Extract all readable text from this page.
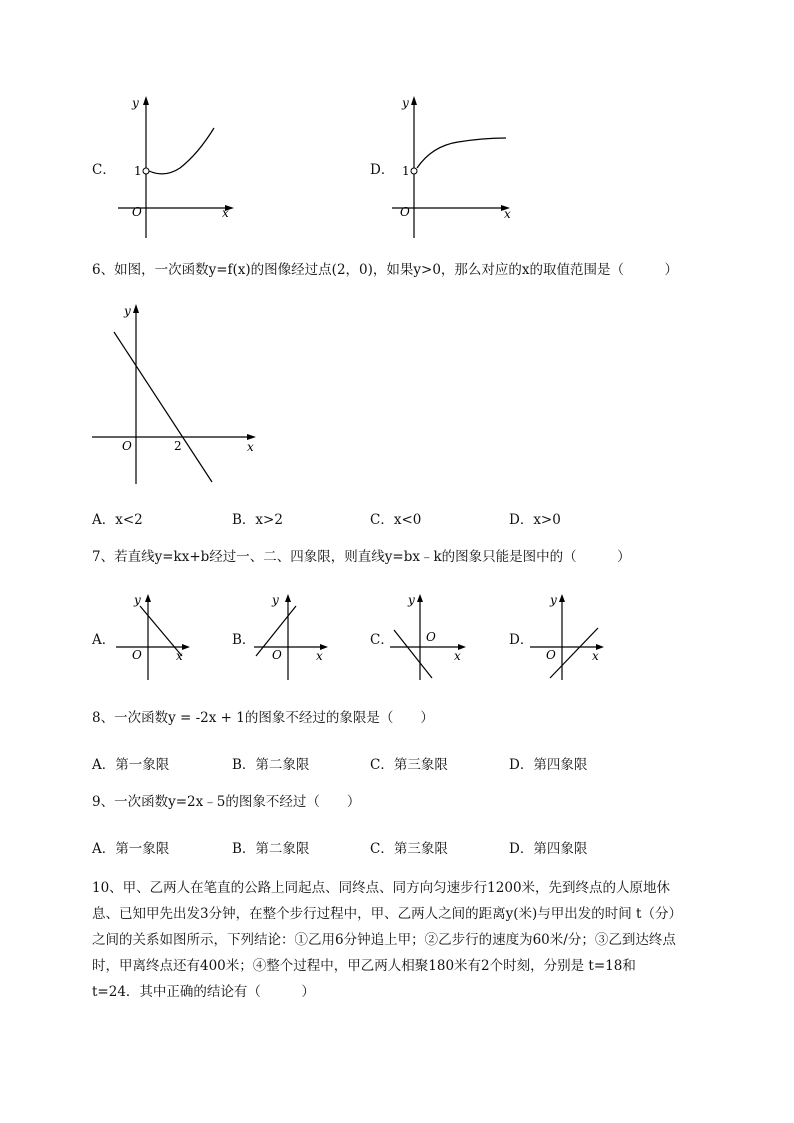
C．
y
x
O
1	D．
y
x
O
1
6、如图，一次函数y=f(x)的图像经过点(2，0)，如果y>0，那么对应的x的取值范围是（　　　）
y
x
O	2
A．x<2	B．x>2	C．x<0	D．x>0
7、若直线y=kx+b经过一、二、四象限，则直线y=bx﹣k的图象只能是图中的（　　　）
A．
y
x
O
B．
y
x
O
C．
y
x
O	D．
y
x
O
8、一次函数y = -2x + 1的图象不经过的象限是（　　）
A．第一象限	B．第二象限	C．第三象限	D．第四象限
9、一次函数y=2x﹣5的图象不经过（　　）
A．第一象限	B．第二象限	C．第三象限	D．第四象限
10、甲、乙两人在笔直的公路上同起点、同终点、同方向匀速步行1200米，先到终点的人原地休
息、已知甲先出发3分钟，在整个步行过程中，甲、乙两人之间的距离y(米)与甲出发的时间 t（分）
之间的关系如图所示，下列结论：①乙用6分钟追上甲；②乙步行的速度为60米/分；③乙到达终点
时，甲离终点还有400米；④整个过程中，甲乙两人相聚180米有2个时刻，分别是 t=18和
t=24．其中正确的结论有（　　　）
